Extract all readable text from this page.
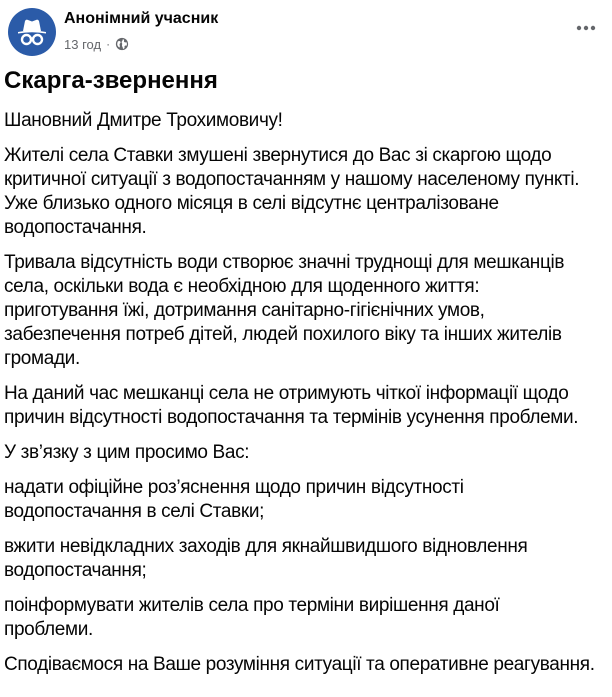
Анонімний учасник
13 год ·
Скарга-звернення
Шановний Дмитре Трохимовичу!
Жителі села Ставки змушені звернутися до Вас зі скаргою щодо
критичної ситуації з водопостачанням у нашому населеному пункті.
Уже близько одного місяця в селі відсутнє централізоване
водопостачання.
Тривала відсутність води створює значні труднощі для мешканців
села, оскільки вода є необхідною для щоденного життя:
приготування їжі, дотримання санітарно-гігієнічних умов,
забезпечення потреб дітей, людей похилого віку та інших жителів
громади.
На даний час мешканці села не отримують чіткої інформації щодо
причин відсутності водопостачання та термінів усунення проблеми.
У зв’язку з цим просимо Вас:
надати офіційне роз’яснення щодо причин відсутності
водопостачання в селі Ставки;
вжити невідкладних заходів для якнайшвидшого відновлення
водопостачання;
поінформувати жителів села про терміни вирішення даної
проблеми.
Сподіваємося на Ваше розуміння ситуації та оперативне реагування.
